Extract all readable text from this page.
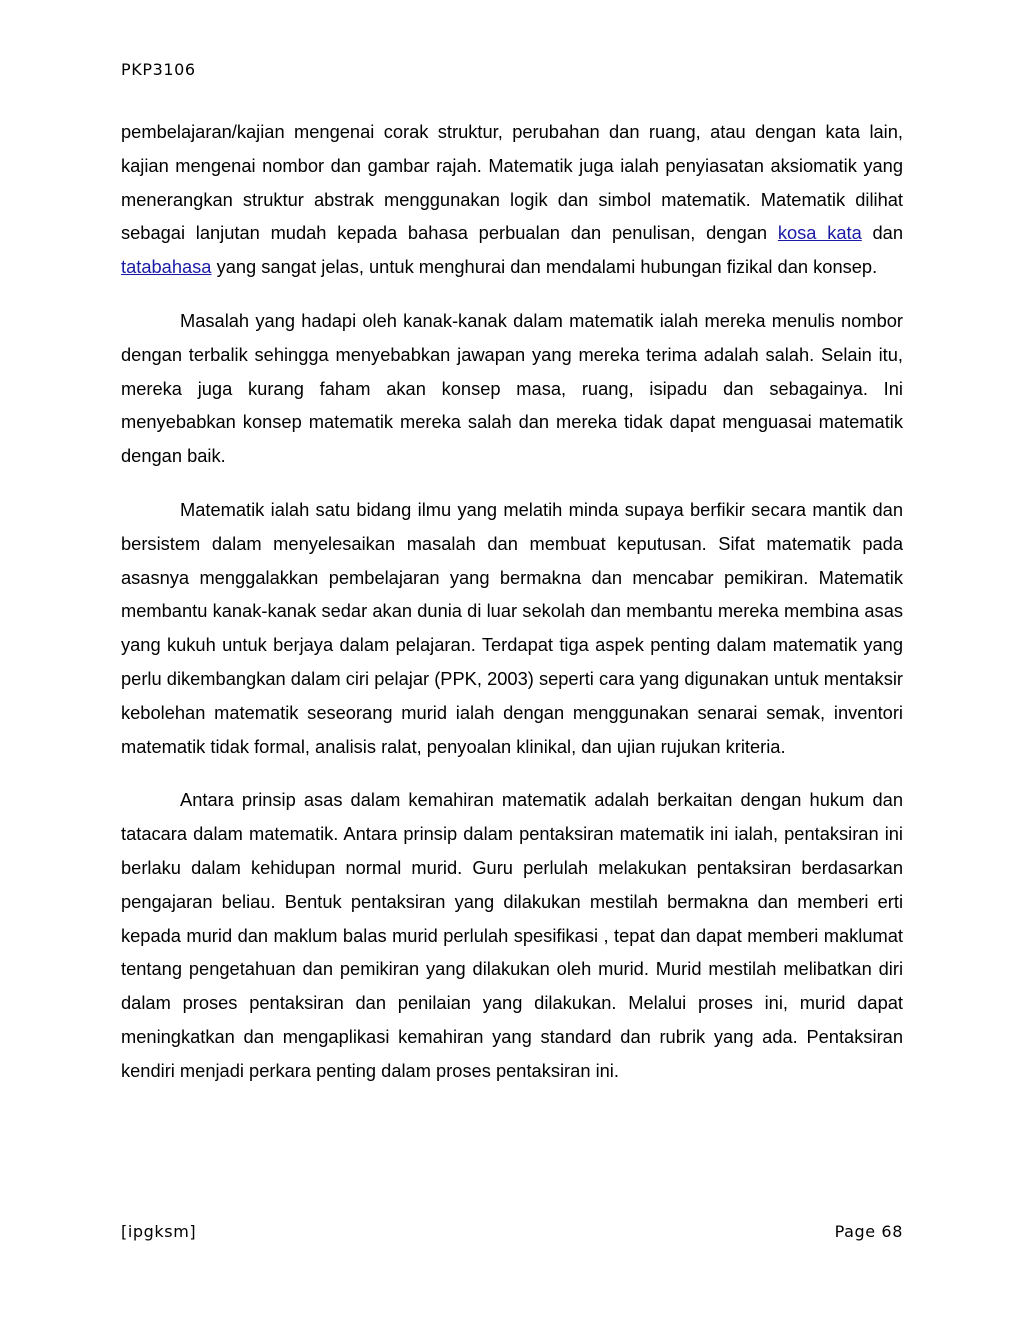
PKP3106

pembelajaran/kajian mengenai corak struktur, perubahan dan ruang, atau dengan kata lain, kajian mengenai nombor dan gambar rajah. Matematik juga ialah penyiasatan aksiomatik yang menerangkan struktur abstrak menggunakan logik dan simbol matematik. Matematik dilihat sebagai lanjutan mudah kepada bahasa perbualan dan penulisan, dengan kosa kata dan tatabahasa yang sangat jelas, untuk menghurai dan mendalami hubungan fizikal dan konsep.

Masalah yang hadapi oleh kanak-kanak dalam matematik ialah mereka menulis nombor dengan terbalik sehingga menyebabkan jawapan yang mereka terima adalah salah. Selain itu, mereka juga kurang faham akan konsep masa, ruang, isipadu dan sebagainya. Ini menyebabkan konsep matematik mereka salah dan mereka tidak dapat menguasai matematik dengan baik.

Matematik ialah satu bidang ilmu yang melatih minda supaya berfikir secara mantik dan bersistem dalam menyelesaikan masalah dan membuat keputusan. Sifat matematik pada asasnya menggalakkan pembelajaran yang bermakna dan mencabar pemikiran. Matematik membantu kanak-kanak sedar akan dunia di luar sekolah dan membantu mereka membina asas yang kukuh untuk berjaya dalam pelajaran. Terdapat tiga aspek penting dalam matematik yang perlu dikembangkan dalam ciri pelajar (PPK, 2003) seperti cara yang digunakan untuk mentaksir kebolehan matematik seseorang murid ialah dengan menggunakan senarai semak, inventori matematik tidak formal, analisis ralat, penyoalan klinikal, dan ujian rujukan kriteria.

Antara prinsip asas dalam kemahiran matematik adalah berkaitan dengan hukum dan tatacara dalam matematik. Antara prinsip dalam pentaksiran matematik ini ialah, pentaksiran ini berlaku dalam kehidupan normal murid. Guru perlulah melakukan pentaksiran berdasarkan pengajaran beliau. Bentuk pentaksiran yang dilakukan mestilah bermakna dan memberi erti kepada murid dan maklum balas murid perlulah spesifikasi , tepat dan dapat memberi maklumat tentang pengetahuan dan pemikiran yang dilakukan oleh murid. Murid mestilah melibatkan diri dalam proses pentaksiran dan penilaian yang dilakukan. Melalui proses ini, murid dapat meningkatkan dan mengaplikasi kemahiran yang standard dan rubrik yang ada. Pentaksiran kendiri menjadi perkara penting dalam proses pentaksiran ini.

[ipgksm]	Page 68
